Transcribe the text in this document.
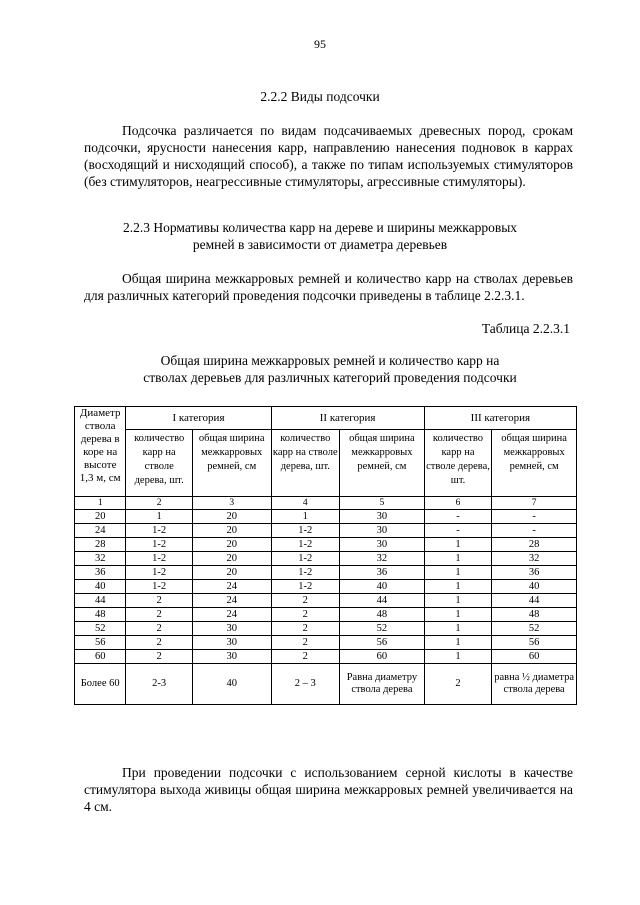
95
2.2.2 Виды подсочки

Подсочка различается по видам подсачиваемых древесных пород, срокам подсочки, ярусности нанесения карр, направлению нанесения подновок в каррах (восходящий и нисходящий способ), а также по типам используемых стимуляторов (без стимуляторов, неагрессивные стимуляторы, агрессивные стимуляторы).

2.2.3 Нормативы количества карр на дереве и ширины межкарровых
ремней в зависимости от диаметра деревьев

Общая ширина межкарровых ремней и количество карр на стволах деревьев для различных категорий проведения подсочки приведены в таблице 2.2.3.1.

Таблица 2.2.3.1
Общая ширина межкарровых ремней и количество карр на
стволах деревьев для различных категорий проведения подсочки
Диаметр ствола дерева в коре на высоте 1,3 м, см	I категория		II категория		III категория	
	количество карр на стволе дерева, шт.	общая ширина межкарровых ремней, см	количество карр на стволе дерева, шт.	общая ширина межкарровых ремней, см	количество карр на стволе дерева, шт.	общая ширина межкарровых ремней, см
1	2	3	4	5	6	7
20	1	20	1	30	-	-
24	1-2	20	1-2	30	-	-
28	1-2	20	1-2	30	1	28
32	1-2	20	1-2	32	1	32
36	1-2	20	1-2	36	1	36
40	1-2	24	1-2	40	1	40
44	2	24	2	44	1	44
48	2	24	2	48	1	48
52	2	30	2	52	1	52
56	2	30	2	56	1	56
60	2	30	2	60	1	60
Более 60	2-3	40	2 – 3	Равна диаметру ствола дерева	2	равна ½ диаметра ствола дерева

При проведении подсочки с использованием серной кислоты в качестве стимулятора выхода живицы общая ширина межкарровых ремней увеличивается на 4 см.
